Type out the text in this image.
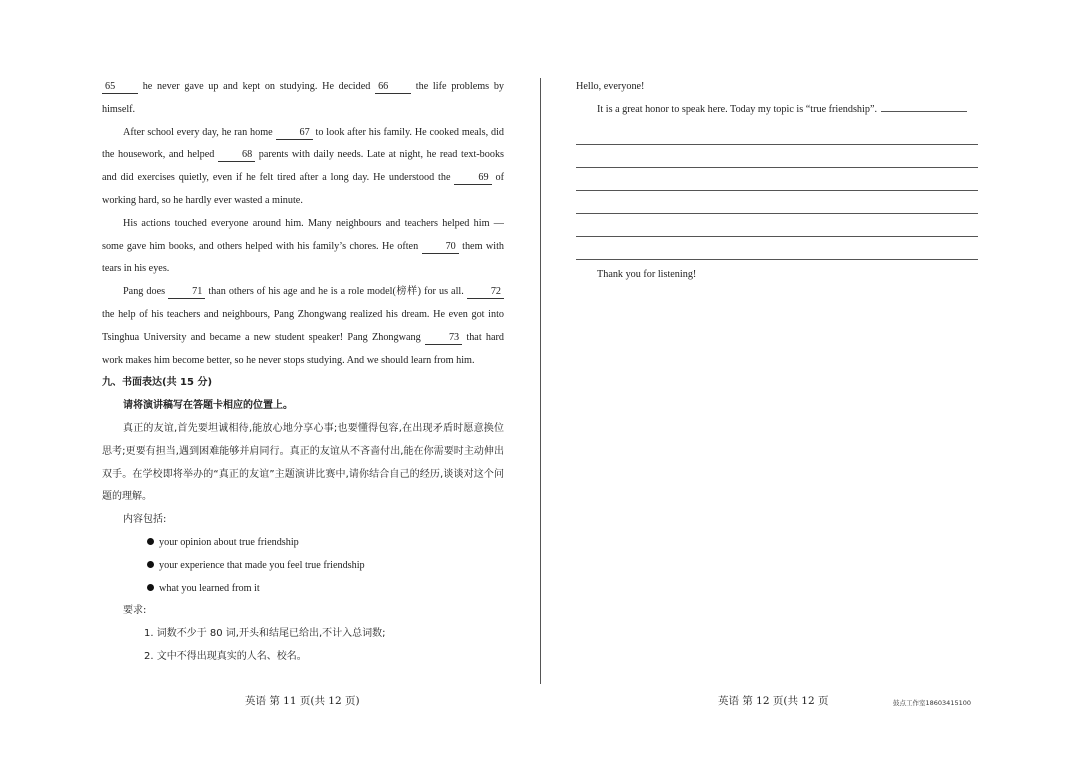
65 he never gave up and kept on studying. He decided 66 the life problems by himself.

After school every day, he ran home 67 to look after his family. He cooked meals, did the housework, and helped 68 parents with daily needs. Late at night, he read text-books and did exercises quietly, even if he felt tired after a long day. He understood the 69 of working hard, so he hardly ever wasted a minute.

His actions touched everyone around him. Many neighbours and teachers helped him — some gave him books, and others helped with his family’s chores. He often 70 them with tears in his eyes.

Pang does 71 than others of his age and he is a role model(榜样) for us all. 72 the help of his teachers and neighbours, Pang Zhongwang realized his dream. He even got into Tsinghua University and became a new student speaker! Pang Zhongwang 73 that hard work makes him become better, so he never stops studying. And we should learn from him.

九、书面表达(共 15 分)

请将演讲稿写在答题卡相应的位置上。

真正的友谊,首先要坦诚相待,能放心地分享心事;也要懂得包容,在出现矛盾时愿意换位思考;更要有担当,遇到困难能够并肩同行。真正的友谊从不吝啬付出,能在你需要时主动伸出双手。在学校即将举办的“真正的友谊”主题演讲比赛中,请你结合自己的经历,谈谈对这个问题的理解。

内容包括:

your opinion about true friendship

your experience that made you feel true friendship

what you learned from it

要求:

1. 词数不少于 80 词,开头和结尾已给出,不计入总词数;

2. 文中不得出现真实的人名、校名。

英语 第 11 页(共 12 页)

Hello, everyone!

It is a great honor to speak here. Today my topic is “true friendship”.

Thank you for listening!

英语 第 12 页(共 12 页	鼓点工作室18603415100
